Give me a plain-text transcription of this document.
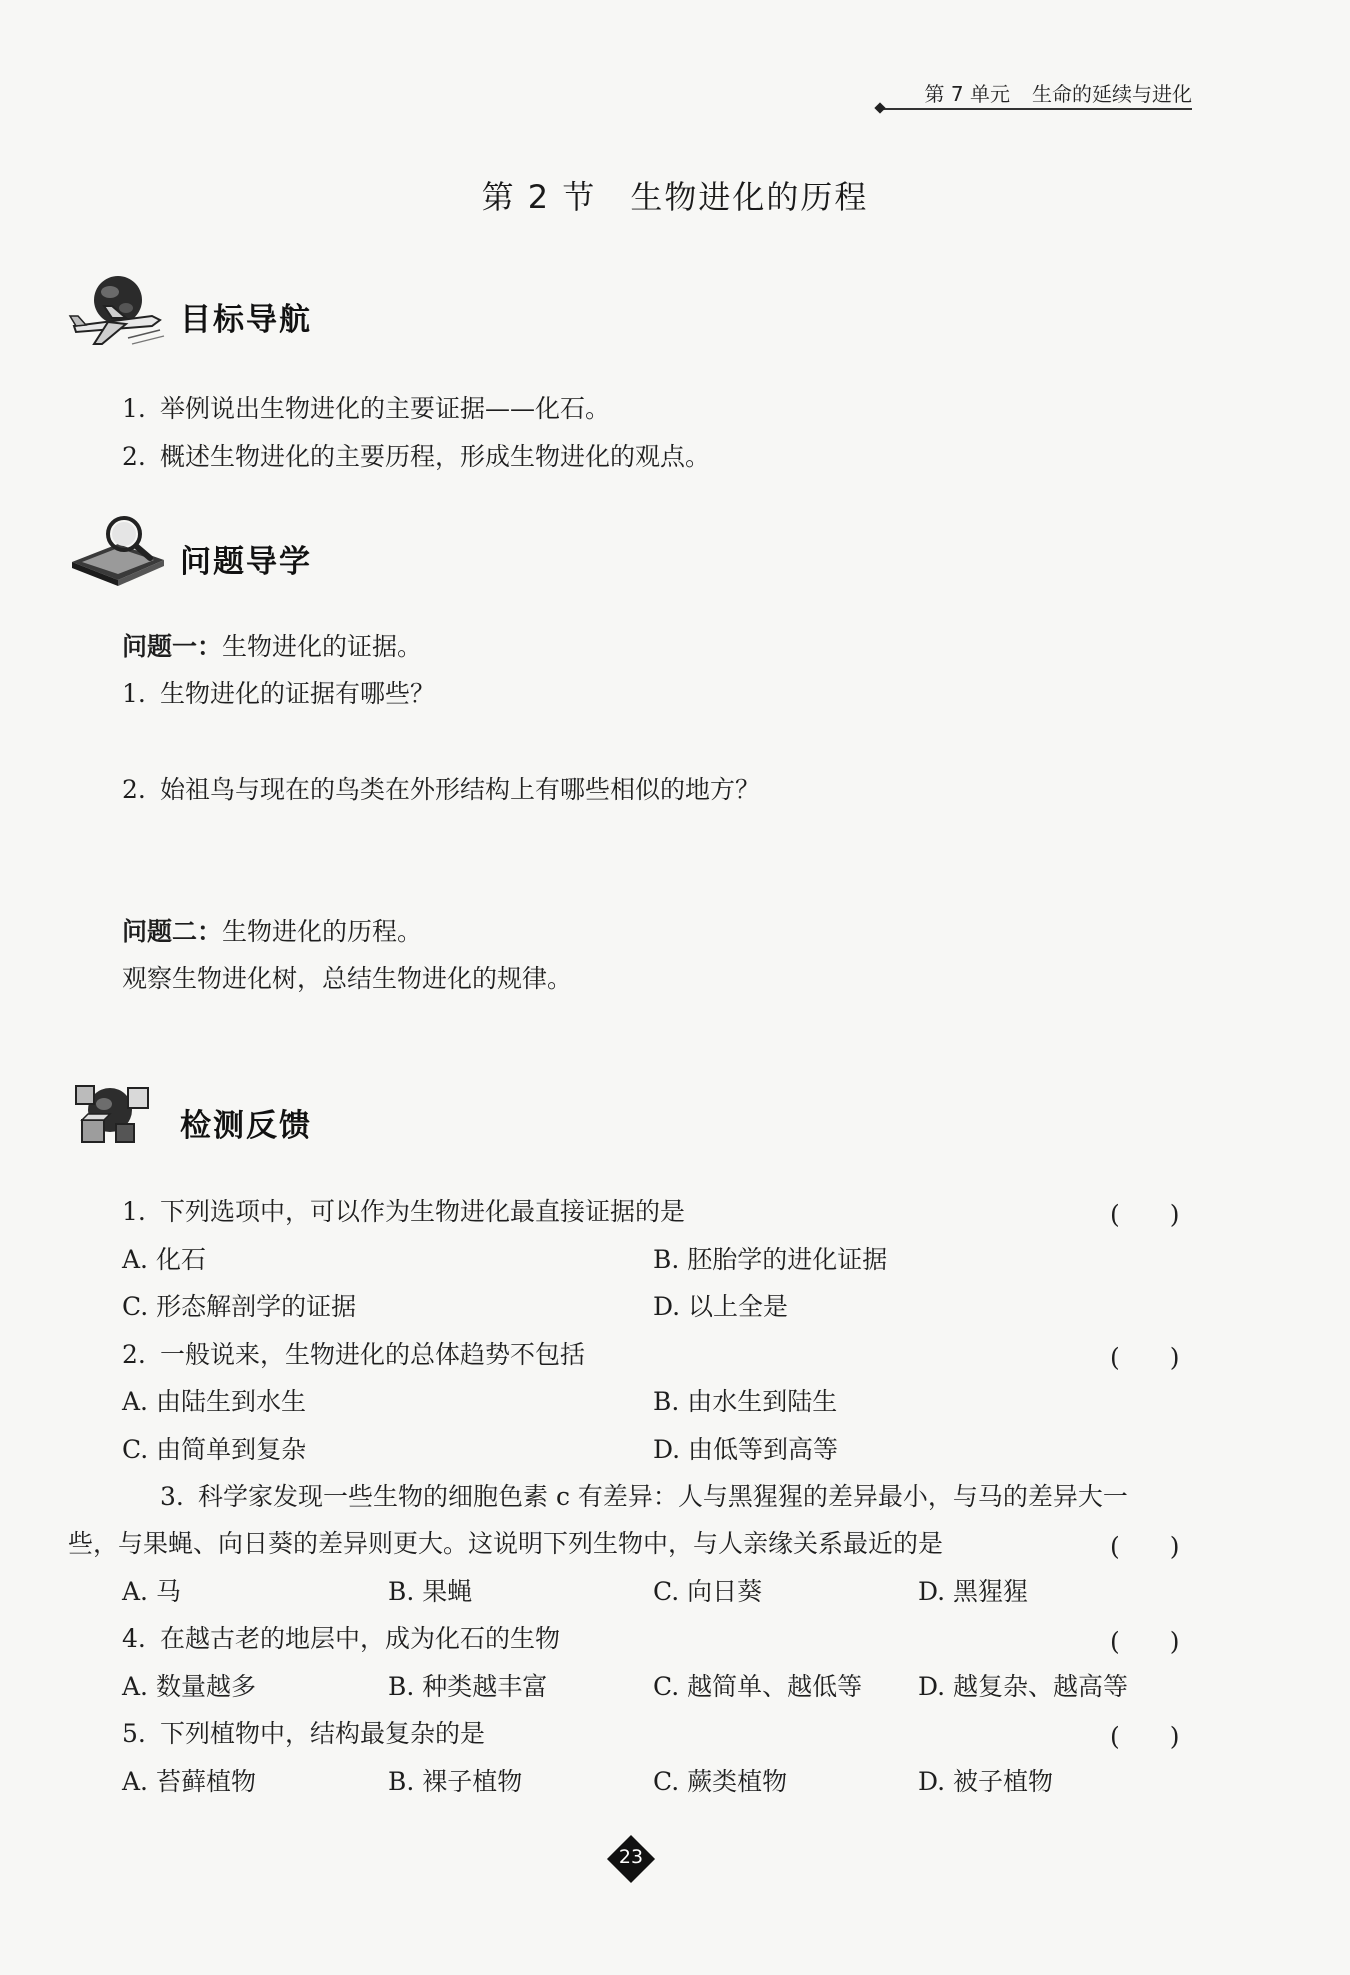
第 7 单元 生命的延续与进化
第 2 节 生物进化的历程
目标导航
1. 举例说出生物进化的主要证据——化石。
2. 概述生物进化的主要历程，形成生物进化的观点。
问题导学
问题一：生物进化的证据。
1. 生物进化的证据有哪些？
2. 始祖鸟与现在的鸟类在外形结构上有哪些相似的地方？
问题二：生物进化的历程。
观察生物进化树，总结生物进化的规律。
检测反馈
1. 下列选项中，可以作为生物进化最直接证据的是	(　　)
A. 化石	B. 胚胎学的进化证据
C. 形态解剖学的证据	D. 以上全是
2. 一般说来，生物进化的总体趋势不包括	(　　)
A. 由陆生到水生	B. 由水生到陆生
C. 由简单到复杂	D. 由低等到高等
3. 科学家发现一些生物的细胞色素 c 有差异：人与黑猩猩的差异最小，与马的差异大一
些，与果蝇、向日葵的差异则更大。这说明下列生物中，与人亲缘关系最近的是	(　　)
A. 马	B. 果蝇	C. 向日葵	D. 黑猩猩
4. 在越古老的地层中，成为化石的生物	(　　)
A. 数量越多	B. 种类越丰富	C. 越简单、越低等 D. 越复杂、越高等
5. 下列植物中，结构最复杂的是	(　　)
A. 苔藓植物	B. 裸子植物	C. 蕨类植物	D. 被子植物
23
